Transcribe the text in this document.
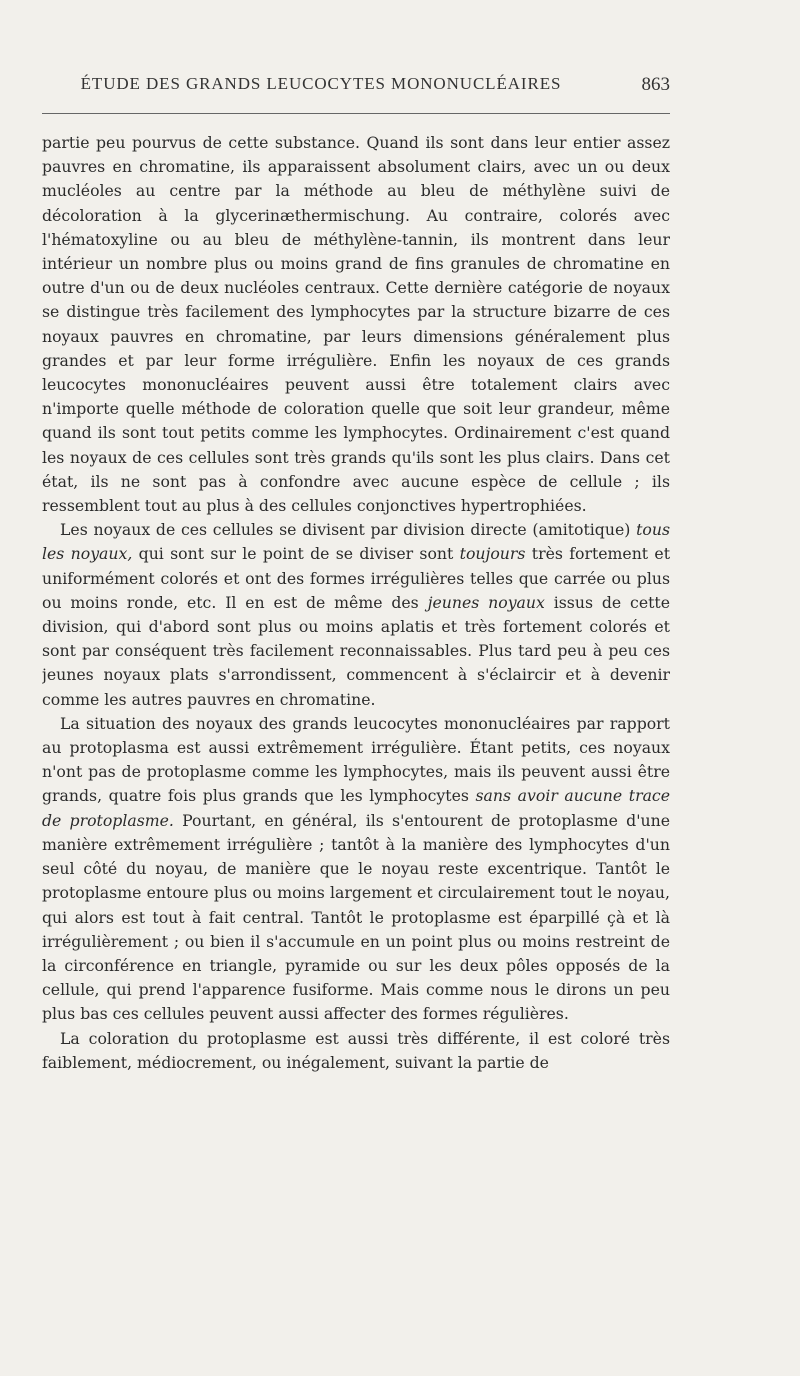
ÉTUDE DES GRANDS LEUCOCYTES MONONUCLÉAIRES	863

partie peu pourvus de cette substance. Quand ils sont dans leur entier assez pauvres en chromatine, ils apparaissent absolument clairs, avec un ou deux mucléoles au centre par la méthode au bleu de méthylène suivi de décoloration à la glycerinæthermischung. Au contraire, colorés avec l'hématoxyline ou au bleu de méthylène-tannin, ils montrent dans leur intérieur un nombre plus ou moins grand de fins granules de chromatine en outre d'un ou de deux nucléoles centraux. Cette dernière catégorie de noyaux se distingue très facilement des lymphocytes par la structure bizarre de ces noyaux pauvres en chromatine, par leurs dimensions généralement plus grandes et par leur forme irrégulière. Enfin les noyaux de ces grands leucocytes mononucléaires peuvent aussi être totalement clairs avec n'importe quelle méthode de coloration quelle que soit leur grandeur, même quand ils sont tout petits comme les lymphocytes. Ordinairement c'est quand les noyaux de ces cellules sont très grands qu'ils sont les plus clairs. Dans cet état, ils ne sont pas à confondre avec aucune espèce de cellule ; ils ressemblent tout au plus à des cellules conjonctives hypertrophiées.

Les noyaux de ces cellules se divisent par division directe (amitotique) tous les noyaux, qui sont sur le point de se diviser sont toujours très fortement et uniformément colorés et ont des formes irrégulières telles que carrée ou plus ou moins ronde, etc. Il en est de même des jeunes noyaux issus de cette division, qui d'abord sont plus ou moins aplatis et très fortement colorés et sont par conséquent très facilement reconnaissables. Plus tard peu à peu ces jeunes noyaux plats s'arrondissent, commencent à s'éclaircir et à devenir comme les autres pauvres en chromatine.

La situation des noyaux des grands leucocytes mononucléaires par rapport au protoplasma est aussi extrêmement irrégulière. Étant petits, ces noyaux n'ont pas de protoplasme comme les lymphocytes, mais ils peuvent aussi être grands, quatre fois plus grands que les lymphocytes sans avoir aucune trace de protoplasme. Pourtant, en général, ils s'entourent de protoplasme d'une manière extrêmement irrégulière ; tantôt à la manière des lymphocytes d'un seul côté du noyau, de manière que le noyau reste excentrique. Tantôt le protoplasme entoure plus ou moins largement et circulairement tout le noyau, qui alors est tout à fait central. Tantôt le protoplasme est éparpillé çà et là irrégulièrement ; ou bien il s'accumule en un point plus ou moins restreint de la circonférence en triangle, pyramide ou sur les deux pôles opposés de la cellule, qui prend l'apparence fusiforme. Mais comme nous le dirons un peu plus bas ces cellules peuvent aussi affecter des formes régulières.

La coloration du protoplasme est aussi très différente, il est coloré très faiblement, médiocrement, ou inégalement, suivant la partie de
